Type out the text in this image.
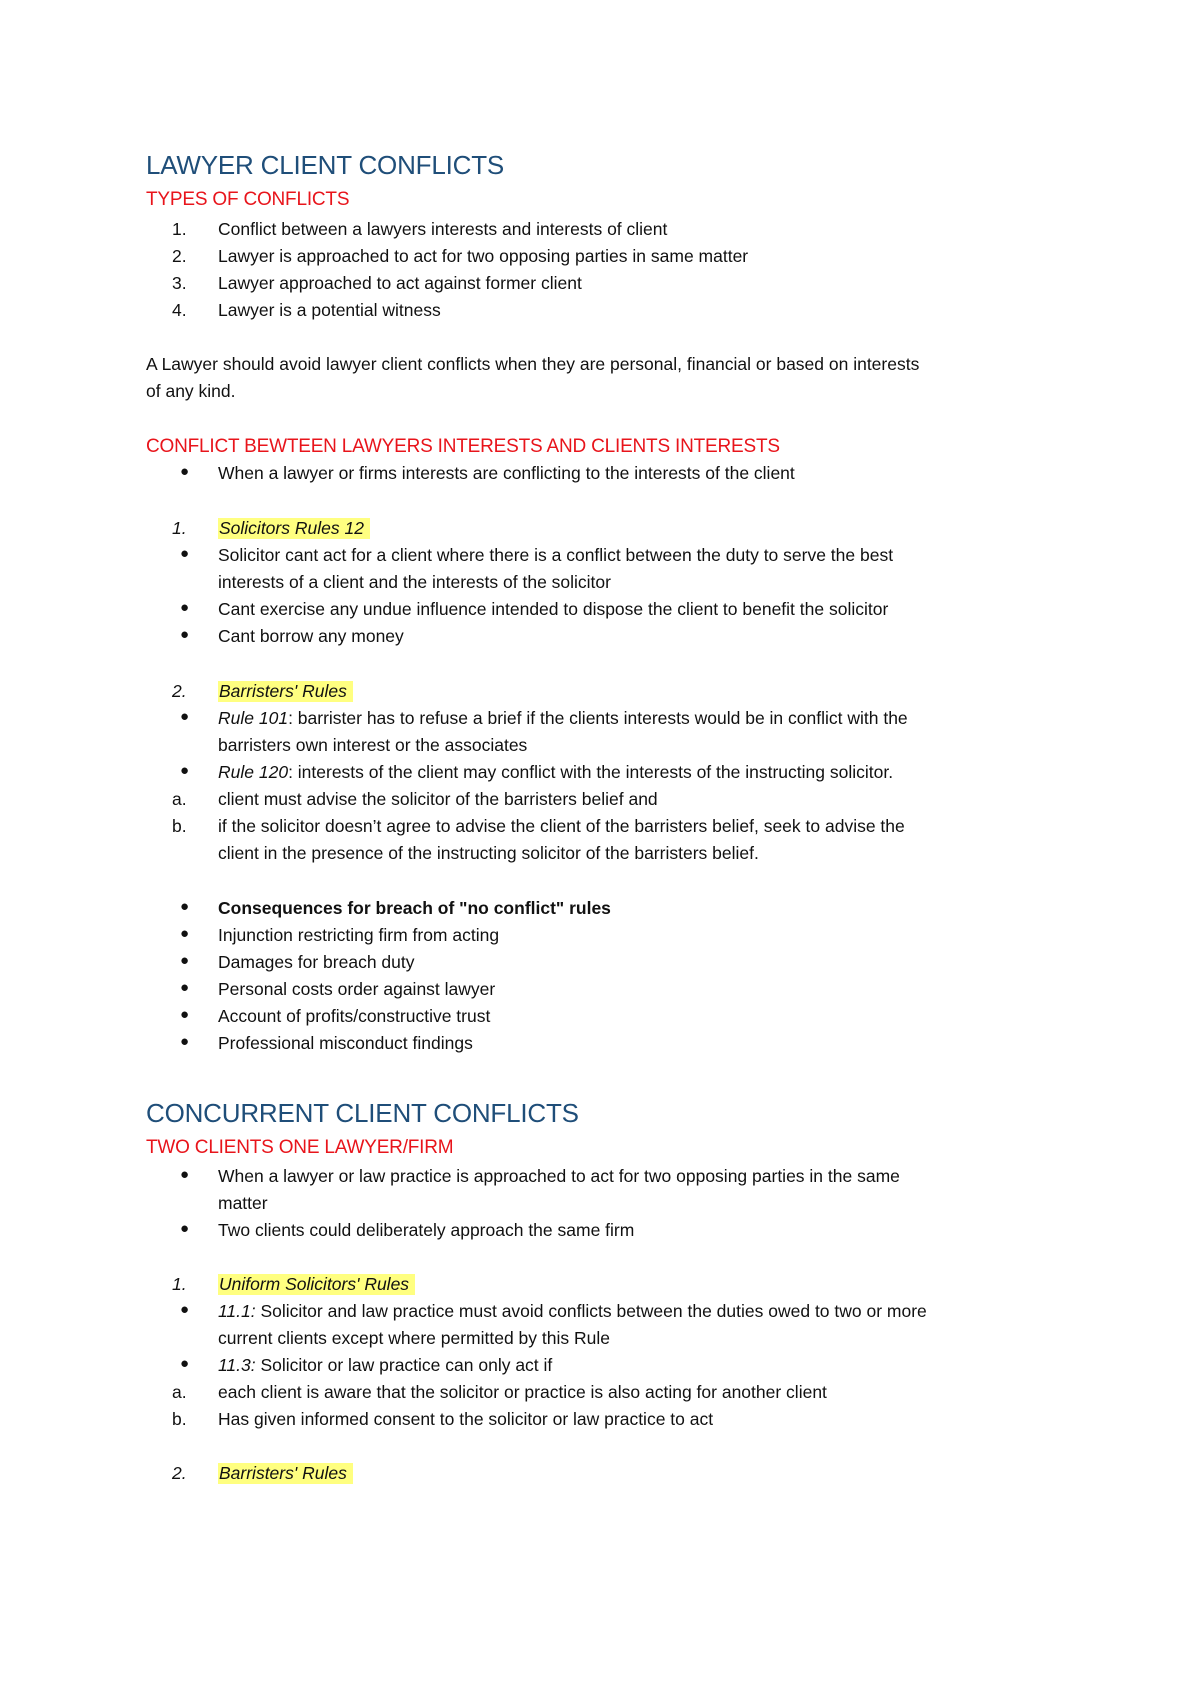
LAWYER CLIENT CONFLICTS
TYPES OF CONFLICTS
1.	Conflict between a lawyers interests and interests of client
2.	Lawyer is approached to act for two opposing parties in same matter
3.	Lawyer approached to act against former client
4.	Lawyer is a potential witness
A Lawyer should avoid lawyer client conflicts when they are personal, financial or based on interests
of any kind.
CONFLICT BEWTEEN LAWYERS INTERESTS AND CLIENTS INTERESTS
● When a lawyer or firms interests are conflicting to the interests of the client
1.	Solicitors Rules 12
● Solicitor cant act for a client where there is a conflict between the duty to serve the best
interests of a client and the interests of the solicitor
● Cant exercise any undue influence intended to dispose the client to benefit the solicitor
● Cant borrow any money
2.	Barristers' Rules
● Rule 101: barrister has to refuse a brief if the clients interests would be in conflict with the
barristers own interest or the associates
● Rule 120: interests of the client may conflict with the interests of the instructing solicitor.
a.	client must advise the solicitor of the barristers belief and
b.	if the solicitor doesn’t agree to advise the client of the barristers belief, seek to advise the
client in the presence of the instructing solicitor of the barristers belief.
● Consequences for breach of "no conflict" rules
● Injunction restricting firm from acting
● Damages for breach duty
● Personal costs order against lawyer
● Account of profits/constructive trust
● Professional misconduct findings
CONCURRENT CLIENT CONFLICTS
TWO CLIENTS ONE LAWYER/FIRM
● When a lawyer or law practice is approached to act for two opposing parties in the same
matter
● Two clients could deliberately approach the same firm
1.	Uniform Solicitors' Rules
● 11.1: Solicitor and law practice must avoid conflicts between the duties owed to two or more
current clients except where permitted by this Rule
● 11.3: Solicitor or law practice can only act if
a.	each client is aware that the solicitor or practice is also acting for another client
b.	Has given informed consent to the solicitor or law practice to act
2.	Barristers' Rules
